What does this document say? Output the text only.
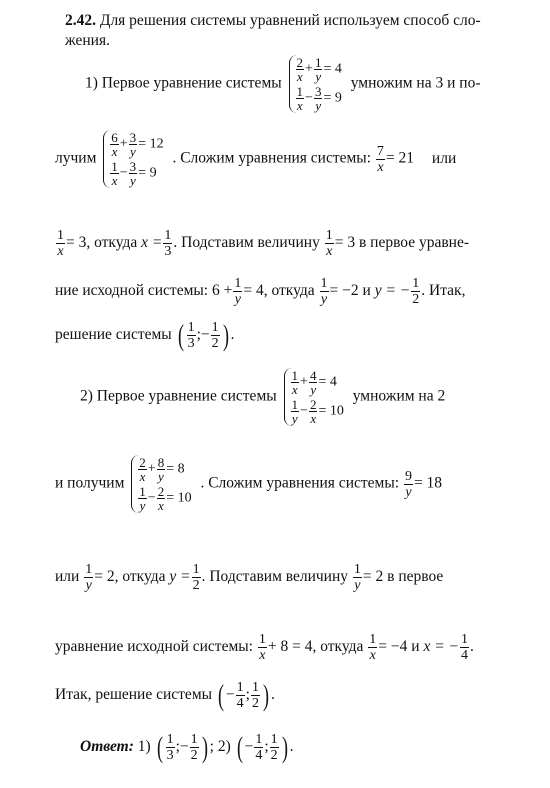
2.42. Для решения системы уравнений используем способ сло-
жения.
1) Первое уравнение системы
$\frac{2}{x} + \frac{1}{y} = 4$
$\frac{1}{x} - \frac{3}{y} = 9$
умножим на 3 и по-
лучим
$\frac{6}{x} + \frac{3}{y} = 12$
$\frac{1}{x} - \frac{3}{y} = 9$
. Сложим уравнения системы: $\frac{7}{x} = 21$ или
$\frac{1}{x} = 3$, откуда $x = \frac{1}{3}$ . Подставим величину $\frac{1}{x} = 3$ в первое уравне-
ние исходной системы: $6 + \frac{1}{y} = 4$, откуда $\frac{1}{y} = -2$ и y = − $\frac{1}{2}$ . Итак,
решение системы ( $\frac{1}{3}$ ;− $\frac{1}{2}$ ) .
2) Первое уравнение системы
$\frac{1}{x} + \frac{4}{y} = 4$
$\frac{1}{y} - \frac{2}{x} = 10$
умножим на 2
и получим
$\frac{2}{x} + \frac{8}{y} = 8$
$\frac{1}{y} - \frac{2}{x} = 10$
. Сложим уравнения системы: $\frac{9}{y} = 18$
или $\frac{1}{y} = 2$, откуда $y = \frac{1}{2}$ . Подставим величину $\frac{1}{y} = 2$ в первое
уравнение исходной системы: $\frac{1}{x} + 8 = 4$, откуда $\frac{1}{x} = -4$ и x = − $\frac{1}{4}$ .
Итак, решение системы ( − $\frac{1}{4}$ ; $\frac{1}{2}$ ) .
Ответ: 1) ( $\frac{1}{3}$ ;− $\frac{1}{2}$ ) ; 2) ( − $\frac{1}{4}$ ; $\frac{1}{2}$ ) .
